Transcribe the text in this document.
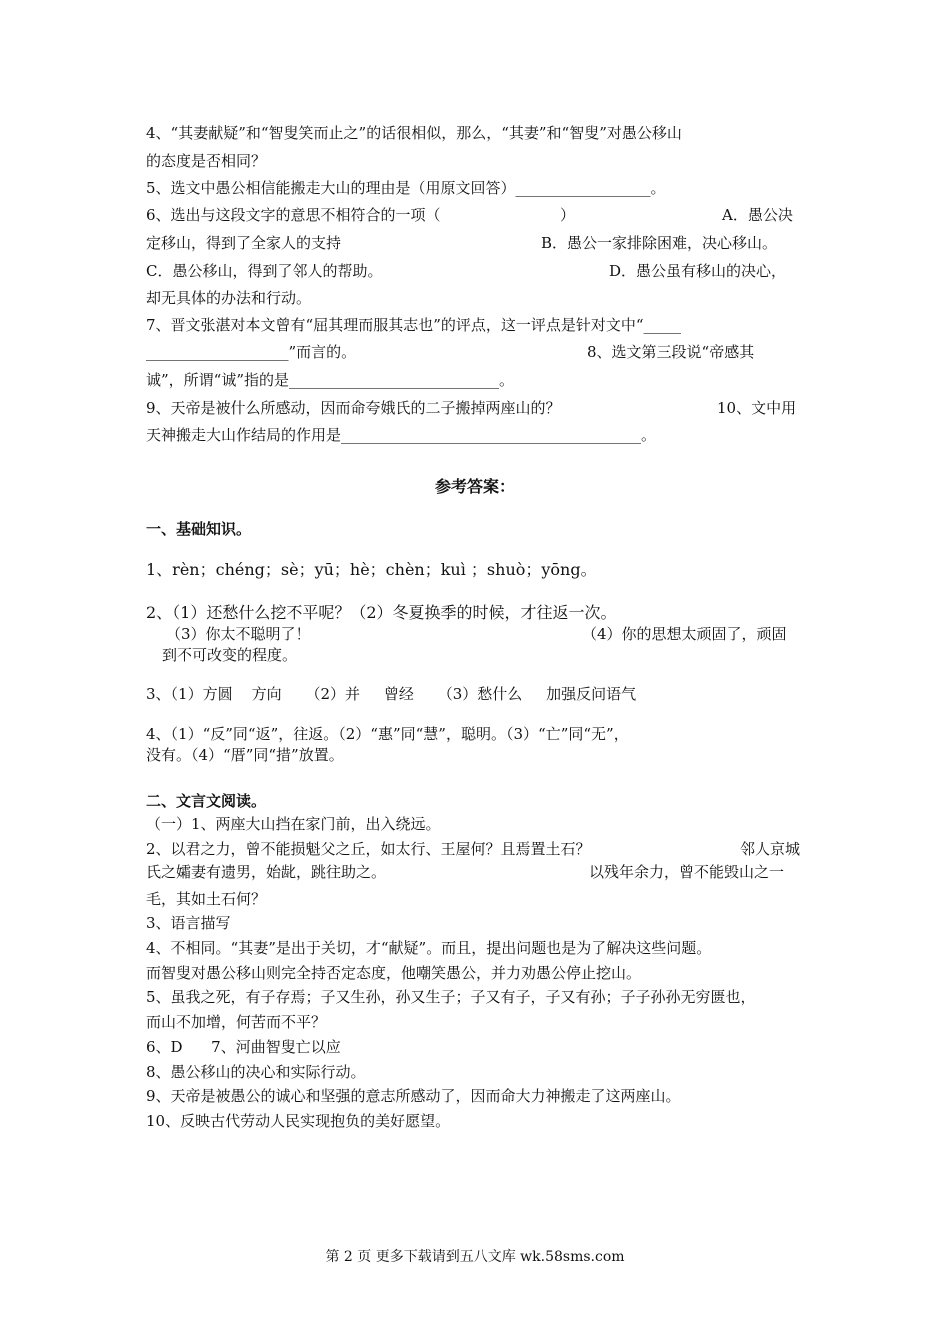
4、“其妻献疑”和“智叟笑而止之”的话很相似，那么，“其妻”和“智叟”对愚公移山
的态度是否相同？
5、选文中愚公相信能搬走大山的理由是（用原文回答）__________________。
6、选出与这段文字的意思不相符合的一项（	）	A．愚公决
定移山，得到了全家人的支持	B．愚公一家排除困难，决心移山。
C．愚公移山，得到了邻人的帮助。	D．愚公虽有移山的决心，
却无具体的办法和行动。
7、晋文张湛对本文曾有“屈其理而服其志也”的评点，这一评点是针对文中“_____
___________________”而言的。	8、选文第三段说“帝感其
诚”，所谓“诚”指的是____________________________。
9、天帝是被什么所感动，因而命夸娥氏的二子搬掉两座山的？	10、文中用
天神搬走大山作结局的作用是________________________________________。
参考答案：
一、基础知识。
1、rèn；chéng；sè；yū；hè；chèn；kuì ；shuò；yōng。
2、（1）还愁什么挖不平呢？（2）冬夏换季的时候，才往返一次。
（3）你太不聪明了！	（4）你的思想太顽固了，顽固
到不可改变的程度。
3、（1）方圆    方向     （2）并     曾经     （3）愁什么     加强反问语气
4、（1）“反”同“返”，往返。（2）“惠”同“慧”，聪明。（3）“亡”同“无”，
没有。（4）“厝”同“措”放置。
二、文言文阅读。
（一）1、两座大山挡在家门前，出入绕远。
2、以君之力，曾不能损魁父之丘，如太行、王屋何？且焉置土石？	邻人京城
氏之孀妻有遗男，始龀，跳往助之。	以残年余力，曾不能毁山之一
毛，其如土石何？
3、语言描写
4、不相同。“其妻”是出于关切，才“献疑”。而且，提出问题也是为了解决这些问题。
而智叟对愚公移山则完全持否定态度，他嘲笑愚公，并力劝愚公停止挖山。
5、虽我之死，有子存焉；子又生孙，孙又生子；子又有子，子又有孙；子子孙孙无穷匮也，
而山不加增，何苦而不平？
6、D      7、河曲智叟亡以应
8、愚公移山的决心和实际行动。
9、天帝是被愚公的诚心和坚强的意志所感动了，因而命大力神搬走了这两座山。
10、反映古代劳动人民实现抱负的美好愿望。
第 2 页 更多下载请到五八文库 wk.58sms.com
